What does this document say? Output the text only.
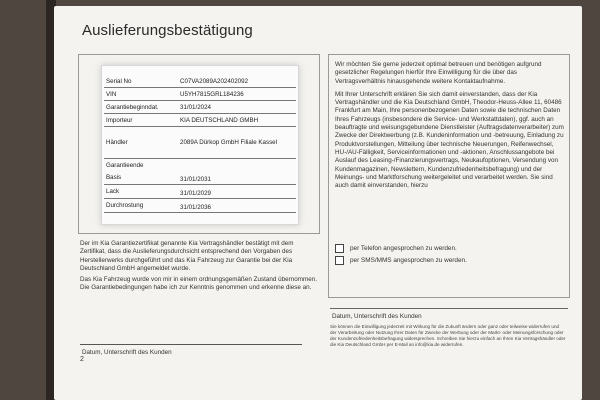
Auslieferungsbestätigung
Serial No	C07VA2089A202402092
VIN	U5YH7815GRL184236
Garantiebeginndat.	31/01/2024
Importeur	KIA DEUTSCHLAND GMBH
Händler	2089A Dürkop GmbH Filiale Kassel
Garantieende
Basis	31/01/2031
Lack	31/01/2029
Durchrostung	31/01/2036

Der im Kia Garantiezertifikat genannte Kia Vertragshändler bestätigt mit dem Zertifikat, dass die Auslieferungsdurchsicht entsprechend den Vorgaben des Herstellerwerks durchgeführt und das Kia Fahrzeug zur Garantie bei der Kia Deutschland GmbH angemeldet wurde.

Das Kia Fahrzeug wurde von mir in einem ordnungsgemäßen Zustand übernommen. Die Garantiebedingungen habe ich zur Kenntnis genommen und erkenne diese an.

Datum, Unterschrift des Kunden
2

Wir möchten Sie gerne jederzeit optimal betreuen und benötigen aufgrund gesetzlicher Regelungen hierfür Ihre Einwilligung für die über das Vertragsverhältnis hinausgehende weitere Kontaktaufnahme.

Mit Ihrer Unterschrift erklären Sie sich damit einverstanden, dass der Kia Vertragshändler und die Kia Deutschland GmbH, Theodor-Heuss-Allee 11, 60486 Frankfurt am Main, Ihre personenbezogenen Daten sowie die technischen Daten Ihres Fahrzeugs (insbesondere die Service- und Werkstattdaten), ggf. auch an beauftragte und weisungsgebundene Dienstleister (Auftragsdatenverarbeiter) zum Zwecke der Direktwerbung (z.B. Kundeninformation und -betreuung, Einladung zu Produktvorstellungen, Mitteilung über technische Neuerungen, Reifenwechsel, HU-/AU-Fälligkeit, Serviceinformationen und -aktionen, Anschlussangebote bei Auslauf des Leasing-/Finanzierungsvertrags, Neukaufoptionen, Versendung von Kundenmagazinen, Newslettern, Kundenzufriedenheitsbefragung) und der Meinungs- und Marktforschung weitergeleitet und verarbeitet werden. Sie sind auch damit einverstanden, hierzu

per Telefon angesprochen zu werden.
per SMS/MMS angesprochen zu werden.
Datum, Unterschrift des Kunden
Sie können die Einwilligung jederzeit mit Wirkung für die Zukunft ändern oder ganz oder teilweise widerrufen und der Verarbeitung oder Nutzung Ihrer Daten für Zwecke der Werbung oder der Markt- oder Meinungsforschung oder der Kundenzufriedenheitsbefragung widersprechen. Schreiben Sie hierzu einfach an Ihren Kia Vertragshändler oder die Kia Deutschland GmbH per E-Mail an info@kia.de widerrufen.
